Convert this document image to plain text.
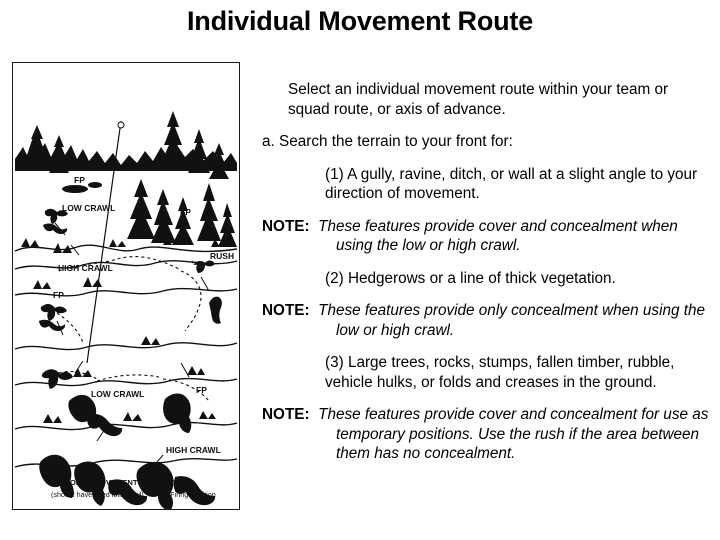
Individual Movement Route
FP
LOW CRAWL	FP
RUSH
HIGH CRAWL
FP
LOW CRAWL	FP
HIGH CRAWL
IMPROPER MOVEMENT
(should have used low crawl)
NOTE:
FP = Firing Position

Select an individual movement route within your team or squad route, or axis of advance.

a. Search the terrain to your front for:

(1) A gully, ravine, ditch, or wall at a slight angle to your direction of movement.

NOTE: These features provide cover and concealment when using the low or high crawl.

(2) Hedgerows or a line of thick vegetation.

NOTE: These features provide only concealment when using the low or high crawl.

(3) Large trees, rocks, stumps, fallen timber, rubble, vehicle hulks, or folds and creases in the ground.

NOTE: These features provide cover and concealment for use as temporary positions. Use the rush if the area between them has no concealment.
